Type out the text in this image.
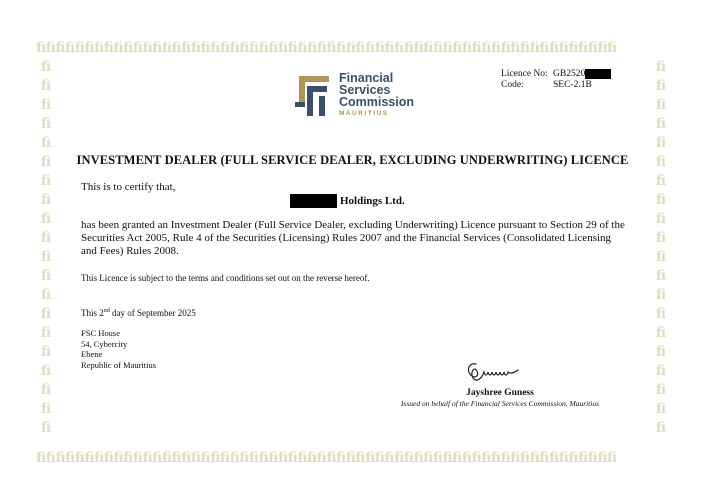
ﬁﬁﬁﬁﬁﬁﬁﬁﬁﬁﬁﬁﬁﬁﬁﬁﬁﬁﬁﬁﬁﬁﬁﬁﬁﬁﬁﬁﬁﬁﬁﬁﬁﬁﬁﬁﬁﬁﬁﬁﬁﬁﬁﬁﬁﬁﬁﬁﬁﬁﬁﬁﬁﬁﬁﬁﬁﬁﬁﬁ
ﬁﬁﬁﬁﬁﬁﬁﬁﬁﬁﬁﬁﬁﬁﬁﬁﬁﬁﬁﬁﬁﬁﬁﬁﬁﬁﬁﬁﬁﬁﬁﬁﬁﬁﬁﬁﬁﬁﬁﬁﬁﬁﬁﬁﬁﬁﬁﬁﬁﬁﬁﬁﬁﬁﬁﬁﬁﬁﬁﬁ
ﬁ
ﬁ
ﬁ
ﬁ
ﬁ
ﬁ
ﬁ
ﬁ
ﬁ
ﬁ
ﬁ
ﬁ
ﬁ
ﬁ
ﬁ
ﬁ
ﬁ
ﬁ
ﬁ
ﬁ
ﬁ
ﬁ
ﬁ
ﬁ
ﬁ
ﬁ
ﬁ
ﬁ
ﬁ
ﬁ
ﬁ
ﬁ
ﬁ
ﬁ
ﬁ
ﬁ
ﬁ
ﬁ
ﬁ
ﬁ
Financial
Services
Commission
MAURITIUS
Licence No: GB2520
Code:	SEC-2.1B
INVESTMENT DEALER (FULL SERVICE DEALER, EXCLUDING UNDERWRITING) LICENCE
This is to certify that,
Holdings Ltd.
has been granted an Investment Dealer (Full Service Dealer, excluding Underwriting) Licence pursuant to Section 29 of the Securities Act 2005, Rule 4 of the Securities (Licensing) Rules 2007 and the Financial Services (Consolidated Licensing and Fees) Rules 2008.
This Licence is subject to the terms and conditions set out on the reverse hereof.
This 2nd day of September 2025
FSC House
54, Cybercity
Ebene
Republic of Mauritius
Jayshree Guness
Issued on behalf of the Financial Services Commission, Mauritius
